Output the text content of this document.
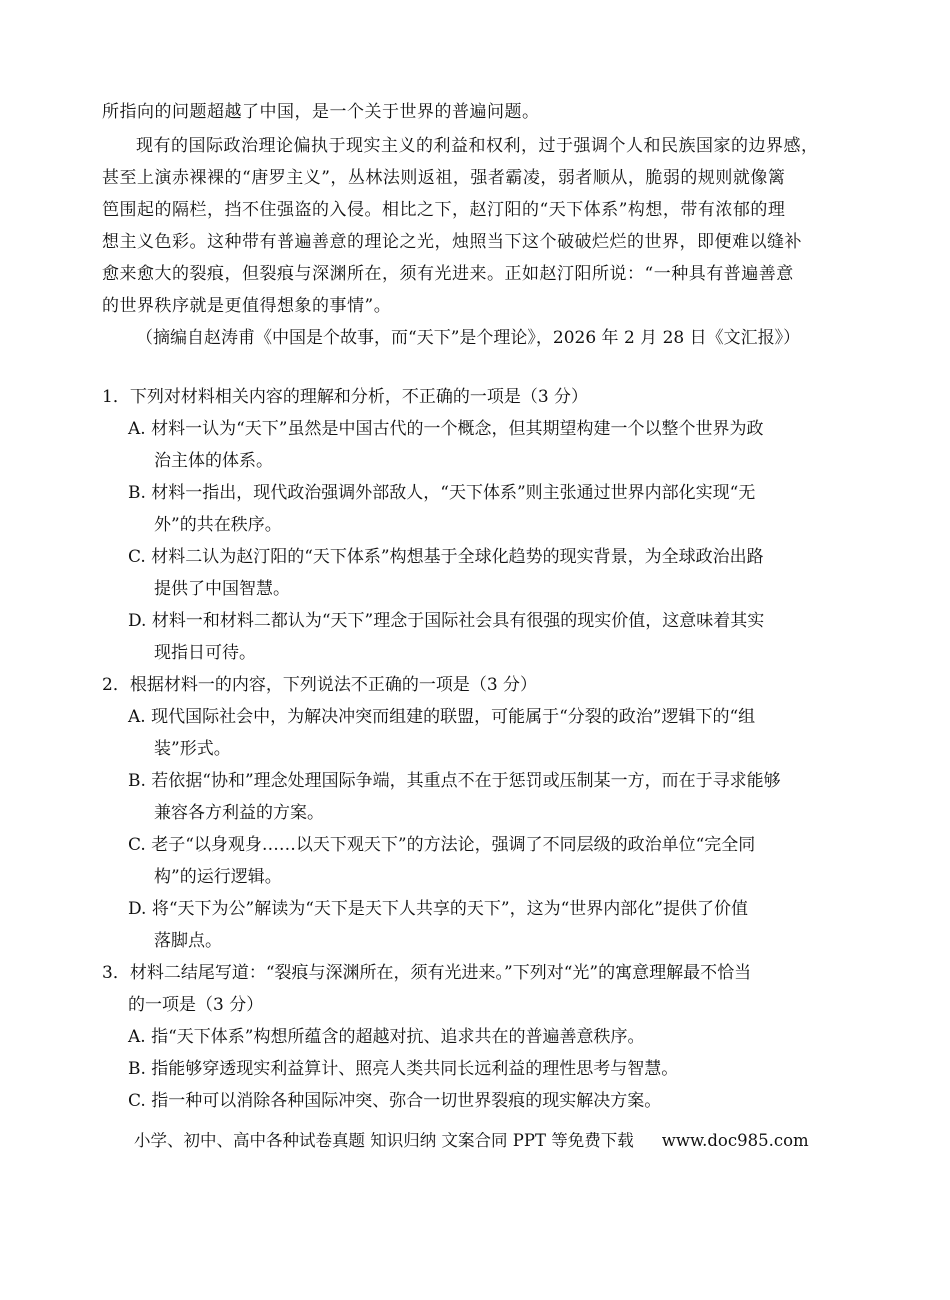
所指向的问题超越了中国，是一个关于世界的普遍问题。
现有的国际政治理论偏执于现实主义的利益和权利，过于强调个人和民族国家的边界感，
甚至上演赤裸裸的“唐罗主义”，丛林法则返祖，强者霸凌，弱者顺从，脆弱的规则就像篱
笆围起的隔栏，挡不住强盗的入侵。相比之下，赵汀阳的“天下体系”构想，带有浓郁的理
想主义色彩。这种带有普遍善意的理论之光，烛照当下这个破破烂烂的世界，即便难以缝补
愈来愈大的裂痕，但裂痕与深渊所在，须有光进来。正如赵汀阳所说：“一种具有普遍善意
的世界秩序就是更值得想象的事情”。
（摘编自赵涛甫《中国是个故事，而“天下”是个理论》，2026 年 2 月 28 日《文汇报》）
1．下列对材料相关内容的理解和分析，不正确的一项是（3 分）
A. 材料一认为“天下”虽然是中国古代的一个概念，但其期望构建一个以整个世界为政
治主体的体系。
B. 材料一指出，现代政治强调外部敌人，“天下体系”则主张通过世界内部化实现“无
外”的共在秩序。
C. 材料二认为赵汀阳的“天下体系”构想基于全球化趋势的现实背景，为全球政治出路
提供了中国智慧。
D. 材料一和材料二都认为“天下”理念于国际社会具有很强的现实价值，这意味着其实
现指日可待。
2．根据材料一的内容，下列说法不正确的一项是（3 分）
A. 现代国际社会中，为解决冲突而组建的联盟，可能属于“分裂的政治”逻辑下的“组
装”形式。
B. 若依据“协和”理念处理国际争端，其重点不在于惩罚或压制某一方，而在于寻求能够
兼容各方利益的方案。
C. 老子“以身观身……以天下观天下”的方法论，强调了不同层级的政治单位“完全同
构”的运行逻辑。
D. 将“天下为公”解读为“天下是天下人共享的天下”，这为“世界内部化”提供了价值
落脚点。
3．材料二结尾写道：“裂痕与深渊所在，须有光进来。”下列对“光”的寓意理解最不恰当
的一项是（3 分）
A. 指“天下体系”构想所蕴含的超越对抗、追求共在的普遍善意秩序。
B. 指能够穿透现实利益算计、照亮人类共同长远利益的理性思考与智慧。
C. 指一种可以消除各种国际冲突、弥合一切世界裂痕的现实解决方案。
小学、初中、高中各种试卷真题 知识归纳 文案合同 PPT 等免费下载 www.doc985.com
